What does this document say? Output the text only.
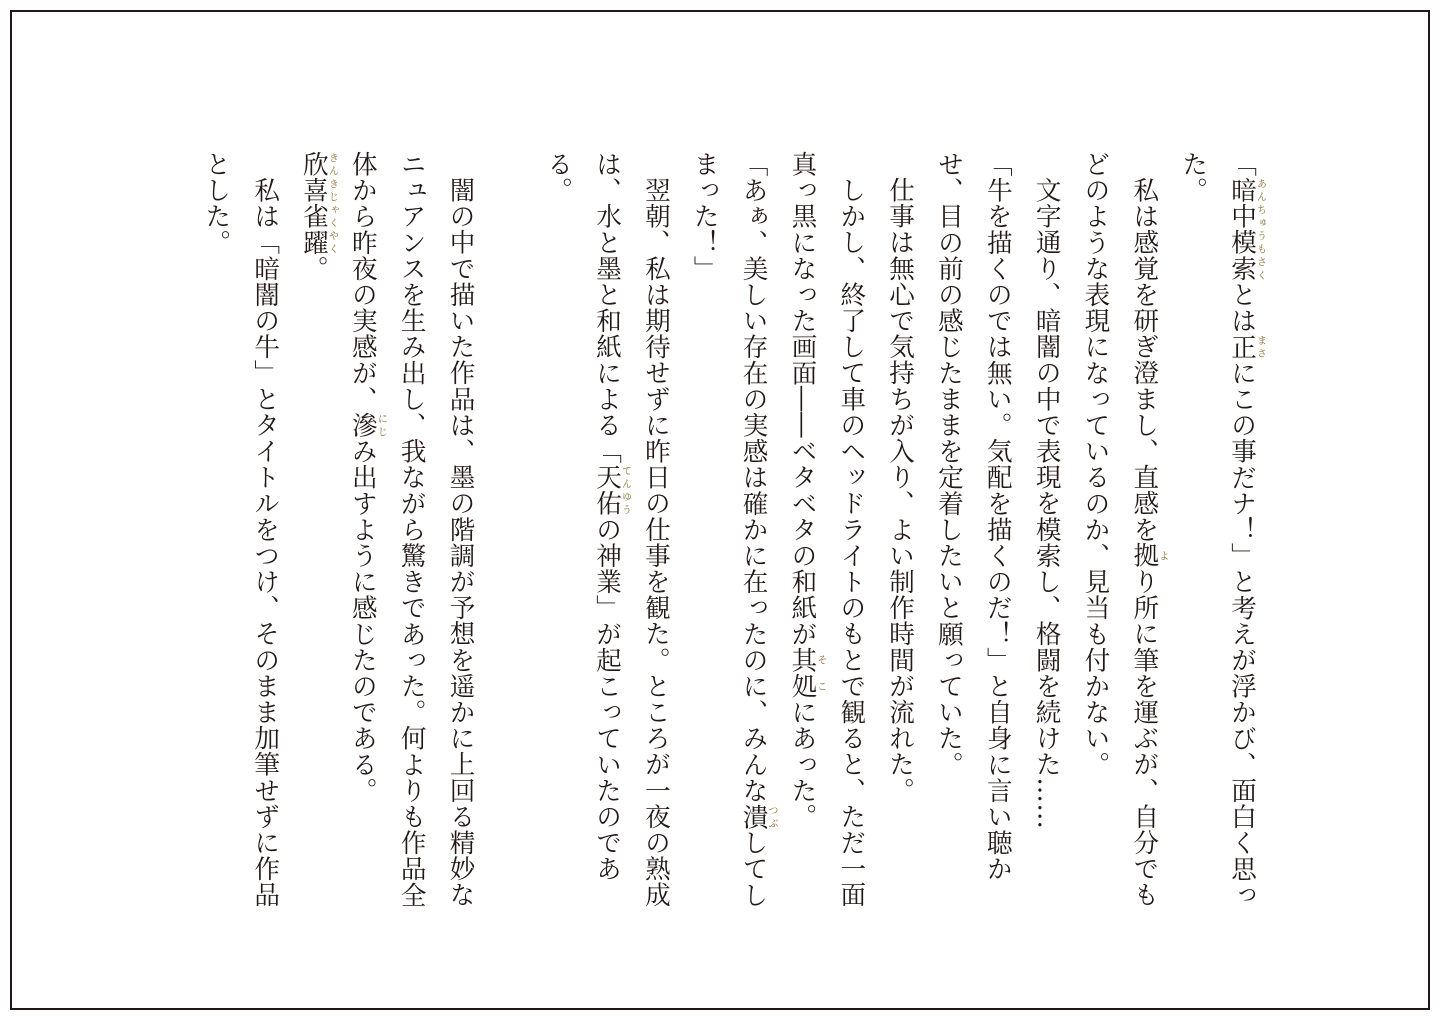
「暗中模索あんちゅうもさくとは正まさにこの事だナ！」と考えが浮かび、面白く思った。

私は感覚を研ぎ澄まし、直感を拠より所に筆を運ぶが、自分でもどのような表現になっているのか、見当も付かない。

文字通り、暗闇の中で表現を模索し、格闘を続けた……

「牛を描くのでは無い。気配を描くのだ！」と自身に言い聴かせ、目の前の感じたままを定着したいと願っていた。

仕事は無心で気持ちが入り、よい制作時間が流れた。

しかし、終了して車のヘッドライトのもとで観ると、ただ一面真っ黒になった画面――ベタベタの和紙が其処そこにあった。

「あぁ、美しい存在の実感は確かに在ったのに、みんな潰つぶしてしまった！」

翌朝、私は期待せずに昨日の仕事を観た。ところが一夜の熟成は、水と墨と和紙による「天佑てんゆうの神業」が起こっていたのである。

闇の中で描いた作品は、墨の階調が予想を遥かに上回る精妙なニュアンスを生み出し、我ながら驚きであった。何よりも作品全体から昨夜の実感が、滲にじみ出すように感じたのである。欣喜雀躍きんきじゃくやく。

私は「暗闇の牛」とタイトルをつけ、そのまま加筆せずに作品とした。
